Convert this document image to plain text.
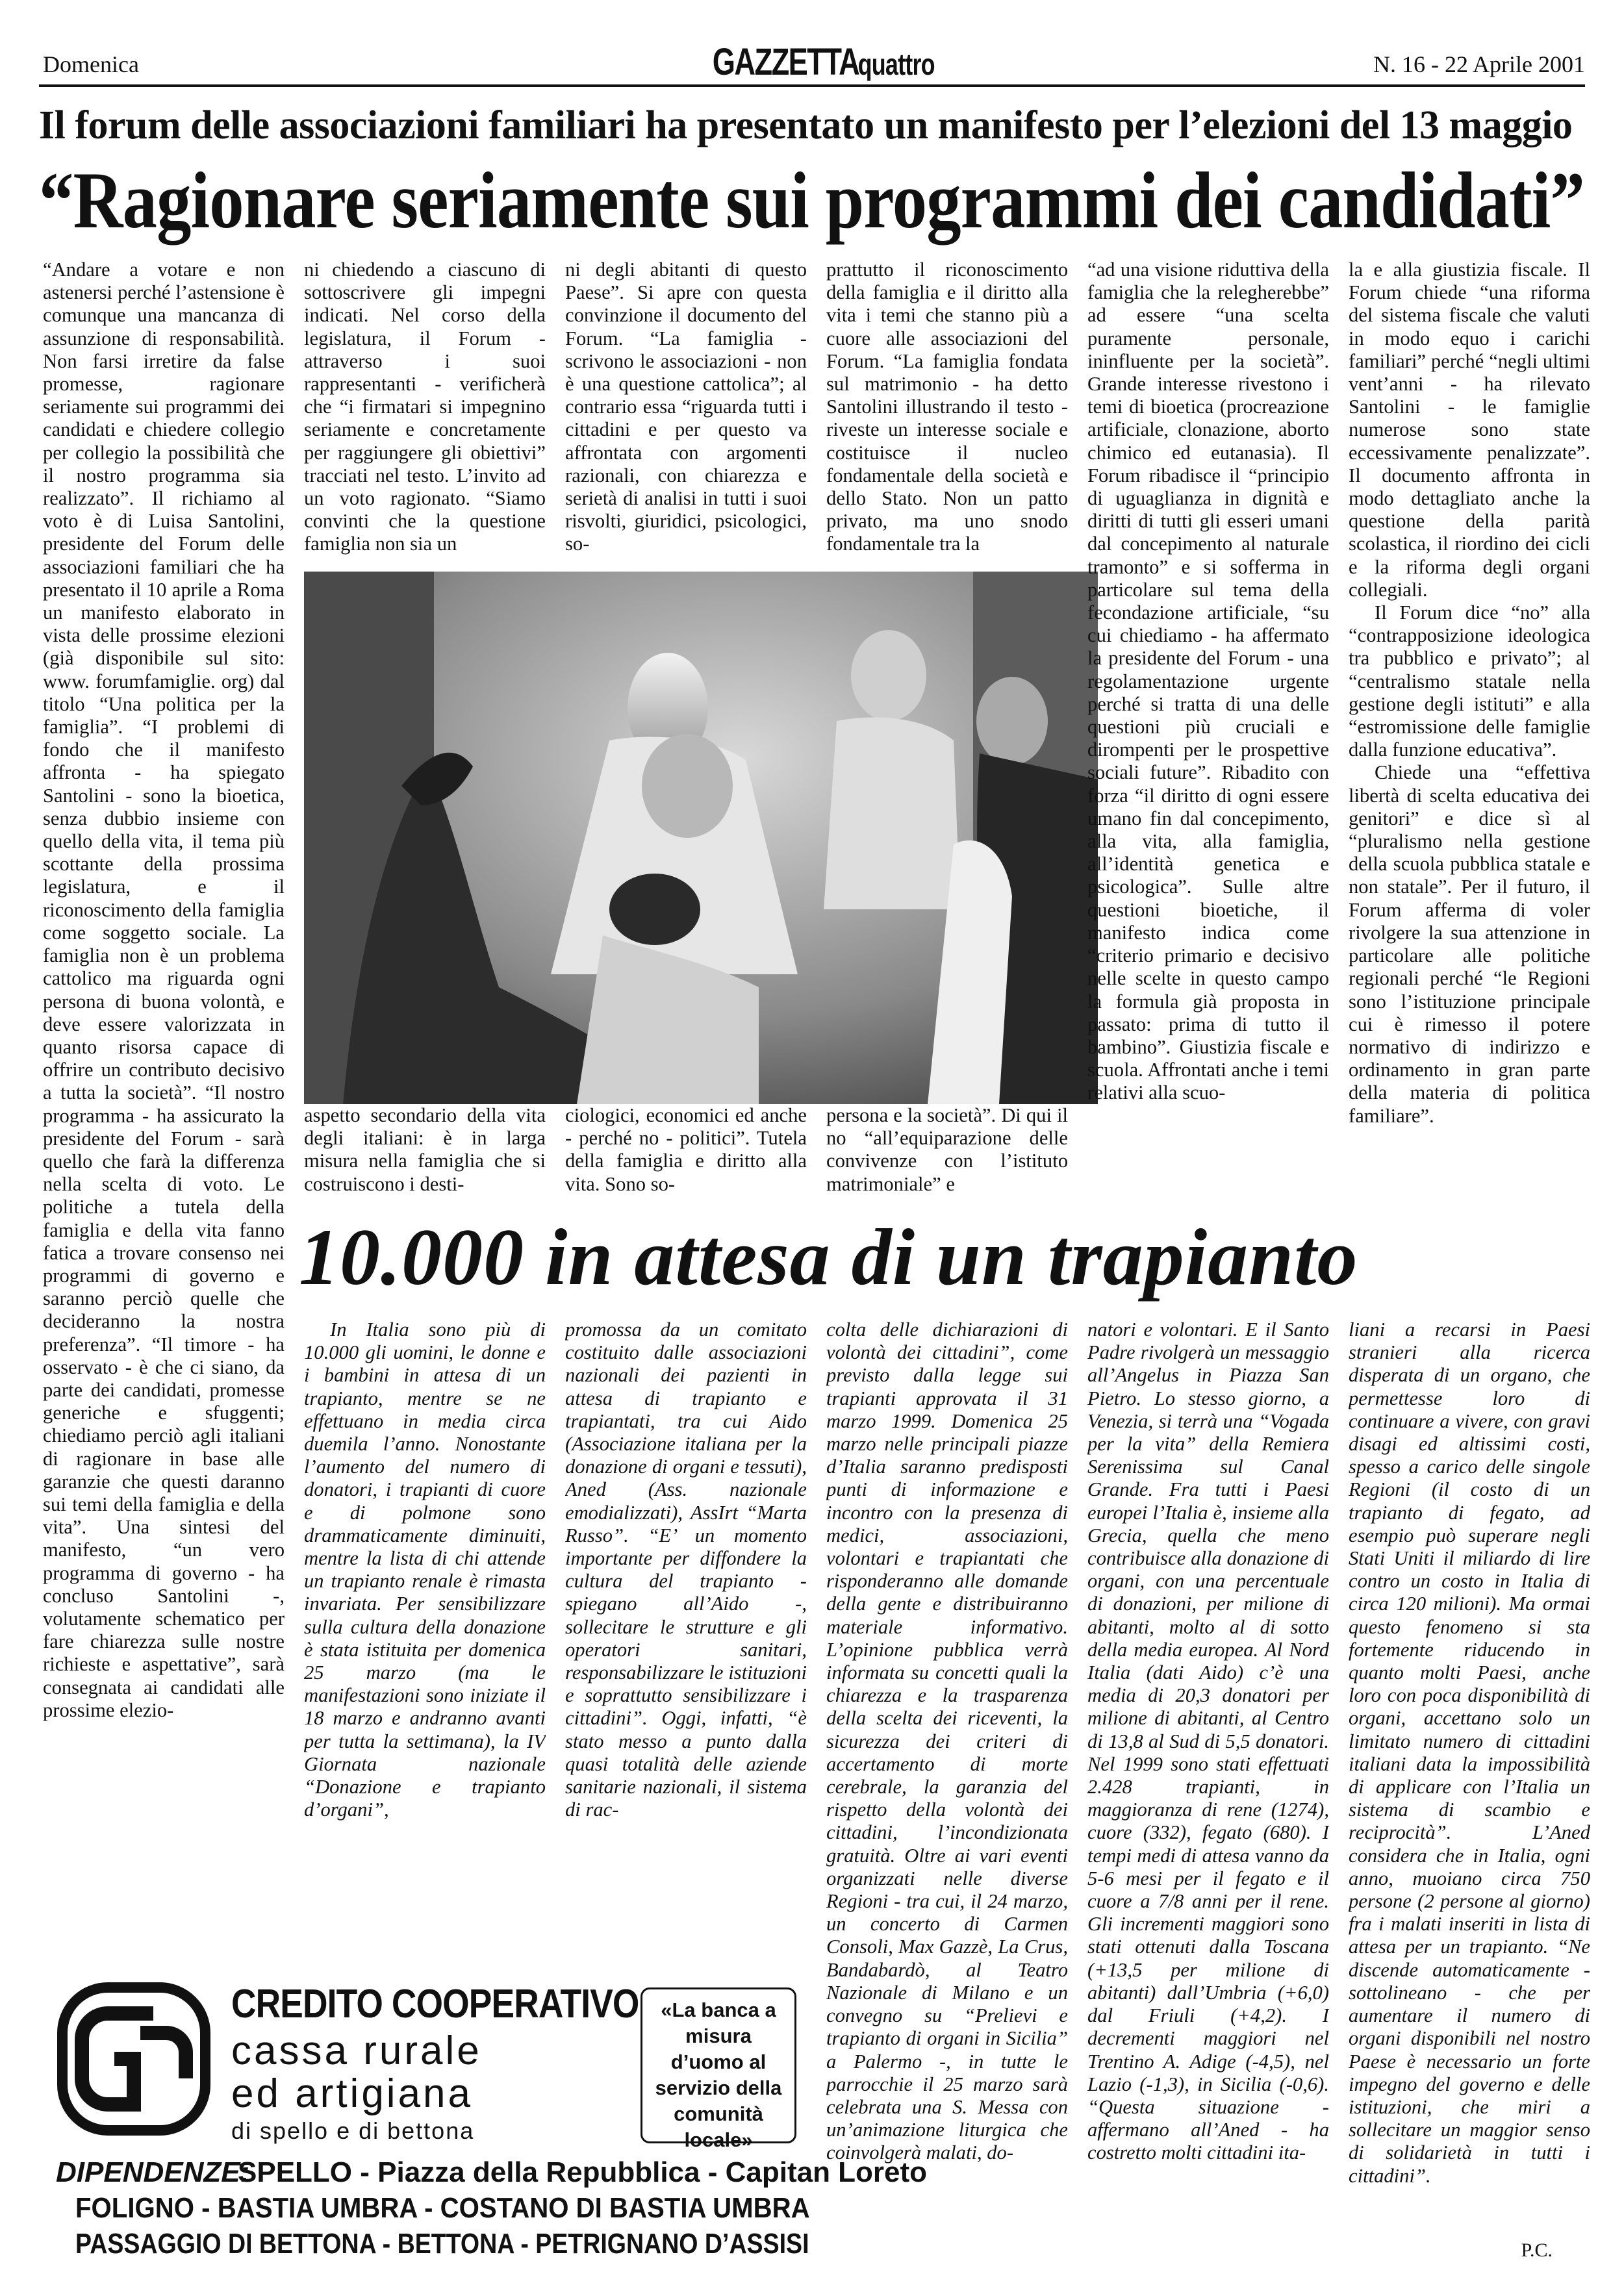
Domenica	GAZZETTAquattro	N. 16 - 22 Aprile 2001
Il forum delle associazioni familiari ha presentato un manifesto per l’elezioni del 13 maggio
“Ragionare seriamente sui programmi dei candidati”

“Andare a votare e non astenersi perché l’astensione è comunque una mancanza di assunzione di responsabilità. Non farsi irretire da false promesse, ragionare seriamente sui programmi dei candidati e chiedere collegio per collegio la possibilità che il nostro programma sia realizzato”. Il richiamo al voto è di Luisa Santolini, presidente del Forum delle associazioni familiari che ha presentato il 10 aprile a Roma un manifesto elaborato in vista delle prossime elezioni (già disponibile sul sito: www. forumfamiglie. org) dal titolo “Una politica per la famiglia”. “I problemi di fondo che il manifesto affronta - ha spiegato Santolini - sono la bioetica, senza dubbio insieme con quello della vita, il tema più scottante della prossima legislatura, e il riconoscimento della famiglia come soggetto sociale. La famiglia non è un problema cattolico ma riguarda ogni persona di buona volontà, e deve essere valorizzata in quanto risorsa capace di offrire un contributo decisivo a tutta la società”. “Il nostro programma - ha assicurato la presidente del Forum - sarà quello che farà la differenza nella scelta di voto. Le politiche a tutela della famiglia e della vita fanno fatica a trovare consenso nei programmi di governo e saranno perciò quelle che decideranno la nostra preferenza”. “Il timore - ha osservato - è che ci siano, da parte dei candidati, promesse generiche e sfuggenti; chiediamo perciò agli italiani di ragionare in base alle garanzie che questi daranno sui temi della famiglia e della vita”. Una sintesi del manifesto, “un vero programma di governo - ha concluso Santolini -, volutamente schematico per fare chiarezza sulle nostre richieste e aspettative”, sarà consegnata ai candidati alle prossime elezio-

ni chiedendo a ciascuno di sottoscrivere gli impegni indicati. Nel corso della legislatura, il Forum - attraverso i suoi rappresentanti - verificherà che “i firmatari si impegnino seriamente e concretamente per raggiungere gli obiettivi” tracciati nel testo. L’invito ad un voto ragionato. “Siamo convinti che la questione famiglia non sia un

ni degli abitanti di questo Paese”. Si apre con questa convinzione il documento del Forum. “La famiglia - scrivono le associazioni - non è una questione cattolica”; al contrario essa “riguarda tutti i cittadini e per questo va affrontata con argomenti razionali, con chiarezza e serietà di analisi in tutti i suoi risvolti, giuridici, psicologici, so-

prattutto il riconoscimento della famiglia e il diritto alla vita i temi che stanno più a cuore alle associazioni del Forum. “La famiglia fondata sul matrimonio - ha detto Santolini illustrando il testo - riveste un interesse sociale e costituisce il nucleo fondamentale della società e dello Stato. Non un patto privato, ma uno snodo fondamentale tra la

aspetto secondario della vita degli italiani: è in larga misura nella famiglia che si costruiscono i desti-

ciologici, economici ed anche - perché no - politici”. Tutela della famiglia e diritto alla vita. Sono so-

persona e la società”. Di qui il no “all’equiparazione delle convivenze con l’istituto matrimoniale” e

“ad una visione riduttiva della famiglia che la relegherebbe” ad essere “una scelta puramente personale, ininfluente per la società”. Grande interesse rivestono i temi di bioetica (procreazione artificiale, clonazione, aborto chimico ed eutanasia). Il Forum ribadisce il “principio di uguaglianza in dignità e diritti di tutti gli esseri umani dal concepimento al naturale tramonto” e si sofferma in particolare sul tema della fecondazione artificiale, “su cui chiediamo - ha affermato la presidente del Forum - una regolamentazione urgente perché si tratta di una delle questioni più cruciali e dirompenti per le prospettive sociali future”. Ribadito con forza “il diritto di ogni essere umano fin dal concepimento, alla vita, alla famiglia, all’identità genetica e psicologica”. Sulle altre questioni bioetiche, il manifesto indica come “criterio primario e decisivo nelle scelte in questo campo la formula già proposta in passato: prima di tutto il bambino”. Giustizia fiscale e scuola. Affrontati anche i temi relativi alla scuo-

la e alla giustizia fiscale. Il Forum chiede “una riforma del sistema fiscale che valuti in modo equo i carichi familiari” perché “negli ultimi vent’anni - ha rilevato Santolini - le famiglie numerose sono state eccessivamente penalizzate”. Il documento affronta in modo dettagliato anche la questione della parità scolastica, il riordino dei cicli e la riforma degli organi collegiali.

Il Forum dice “no” alla “contrapposizione ideologica tra pubblico e privato”; al “centralismo statale nella gestione degli istituti” e alla “estromissione delle famiglie dalla funzione educativa”.

Chiede una “effettiva libertà di scelta educativa dei genitori” e dice sì al “pluralismo nella gestione della scuola pubblica statale e non statale”. Per il futuro, il Forum afferma di voler rivolgere la sua attenzione in particolare alle politiche regionali perché “le Regioni sono l’istituzione principale cui è rimesso il potere normativo di indirizzo e ordinamento in gran parte della materia di politica familiare”.

10.000 in attesa di un trapianto

In Italia sono più di 10.000 gli uomini, le donne e i bambini in attesa di un trapianto, mentre se ne effettuano in media circa duemila l’anno. Nonostante l’aumento del numero di donatori, i trapianti di cuore e di polmone sono drammaticamente diminuiti, mentre la lista di chi attende un trapianto renale è rimasta invariata. Per sensibilizzare sulla cultura della donazione è stata istituita per domenica 25 marzo (ma le manifestazioni sono iniziate il 18 marzo e andranno avanti per tutta la settimana), la IV Giornata nazionale “Donazione e trapianto d’organi”,

promossa da un comitato costituito dalle associazioni nazionali dei pazienti in attesa di trapianto e trapiantati, tra cui Aido (Associazione italiana per la donazione di organi e tessuti), Aned (Ass. nazionale emodializzati), AssIrt “Marta Russo”. “E’ un momento importante per diffondere la cultura del trapianto - spiegano all’Aido -, sollecitare le strutture e gli operatori sanitari, responsabilizzare le istituzioni e soprattutto sensibilizzare i cittadini”. Oggi, infatti, “è stato messo a punto dalla quasi totalità delle aziende sanitarie nazionali, il sistema di rac-

colta delle dichiarazioni di volontà dei cittadini”, come previsto dalla legge sui trapianti approvata il 31 marzo 1999. Domenica 25 marzo nelle principali piazze d’Italia saranno predisposti punti di informazione e incontro con la presenza di medici, associazioni, volontari e trapiantati che risponderanno alle domande della gente e distribuiranno materiale informativo. L’opinione pubblica verrà informata su concetti quali la chiarezza e la trasparenza della scelta dei riceventi, la sicurezza dei criteri di accertamento di morte cerebrale, la garanzia del rispetto della volontà dei cittadini, l’incondizionata gratuità. Oltre ai vari eventi organizzati nelle diverse Regioni - tra cui, il 24 marzo, un concerto di Carmen Consoli, Max Gazzè, La Crus, Bandabardò, al Teatro Nazionale di Milano e un convegno su “Prelievi e trapianto di organi in Sicilia” a Palermo -, in tutte le parrocchie il 25 marzo sarà celebrata una S. Messa con un’animazione liturgica che coinvolgerà malati, do-

natori e volontari. E il Santo Padre rivolgerà un messaggio all’Angelus in Piazza San Pietro. Lo stesso giorno, a Venezia, si terrà una “Vogada per la vita” della Remiera Serenissima sul Canal Grande. Fra tutti i Paesi europei l’Italia è, insieme alla Grecia, quella che meno contribuisce alla donazione di organi, con una percentuale di donazioni, per milione di abitanti, molto al di sotto della media europea. Al Nord Italia (dati Aido) c’è una media di 20,3 donatori per milione di abitanti, al Centro di 13,8 al Sud di 5,5 donatori. Nel 1999 sono stati effettuati 2.428 trapianti, in maggioranza di rene (1274), cuore (332), fegato (680). I tempi medi di attesa vanno da 5-6 mesi per il fegato e il cuore a 7/8 anni per il rene. Gli incrementi maggiori sono stati ottenuti dalla Toscana (+13,5 per milione di abitanti) dall’Umbria (+6,0) dal Friuli (+4,2). I decrementi maggiori nel Trentino A. Adige (-4,5), nel Lazio (-1,3), in Sicilia (-0,6). “Questa situazione - affermano all’Aned - ha costretto molti cittadini ita-

liani a recarsi in Paesi stranieri alla ricerca disperata di un organo, che permettesse loro di continuare a vivere, con gravi disagi ed altissimi costi, spesso a carico delle singole Regioni (il costo di un trapianto di fegato, ad esempio può superare negli Stati Uniti il miliardo di lire contro un costo in Italia di circa 120 milioni). Ma ormai questo fenomeno si sta fortemente riducendo in quanto molti Paesi, anche loro con poca disponibilità di organi, accettano solo un limitato numero di cittadini italiani data la impossibilità di applicare con l’Italia un sistema di scambio e reciprocità”. L’Aned considera che in Italia, ogni anno, muoiano circa 750 persone (2 persone al giorno) fra i malati inseriti in lista di attesa per un trapianto. “Ne discende automaticamente - sottolineano - che per aumentare il numero di organi disponibili nel nostro Paese è necessario un forte impegno del governo e delle istituzioni, che miri a sollecitare un maggior senso di solidarietà in tutti i cittadini”.

P.C.
CREDITO COOPERATIVO
cassa rurale
ed artigiana
di spello e di bettona
«La banca a misura d’uomo al servizio della comunità locale»
DIPENDENZE:
SPELLO - Piazza della Repubblica - Capitan Loreto
FOLIGNO - BASTIA UMBRA - COSTANO DI BASTIA UMBRA
PASSAGGIO DI BETTONA - BETTONA - PETRIGNANO D’ASSISI
